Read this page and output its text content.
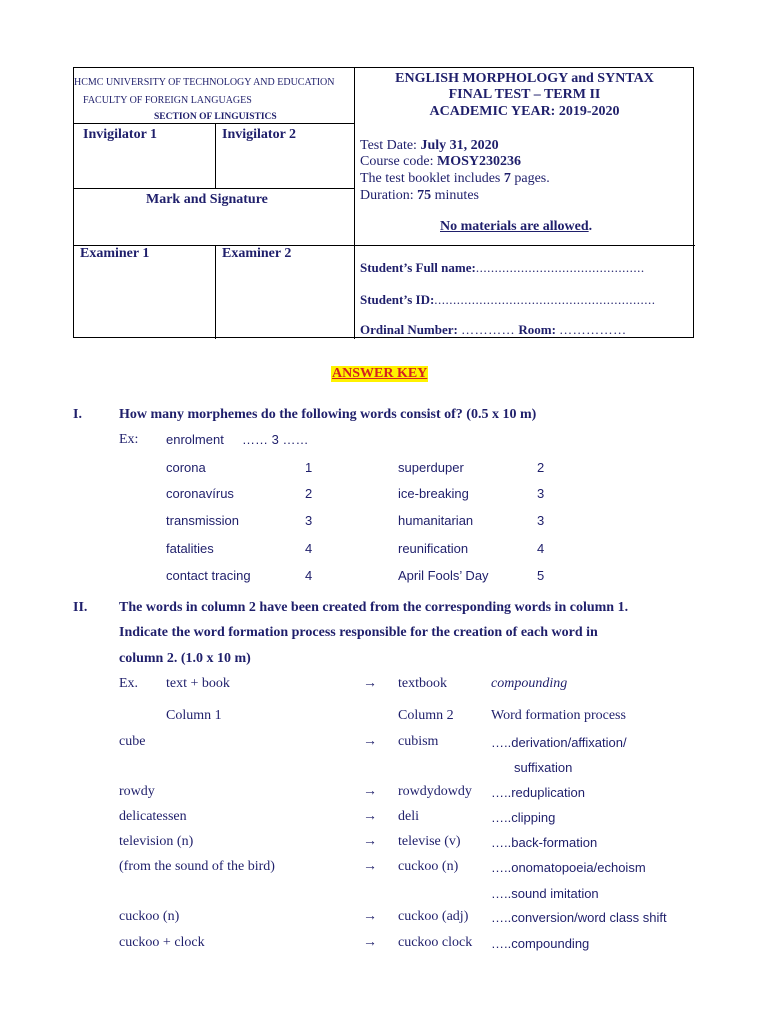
HCMC UNIVERSITY OF TECHNOLOGY AND EDUCATION
FACULTY OF FOREIGN LANGUAGES
SECTION OF LINGUISTICS
Invigilator 1	Invigilator 2
Mark and Signature
Examiner 1	Examiner 2
ENGLISH MORPHOLOGY and SYNTAX
FINAL TEST – TERM II
ACADEMIC YEAR: 2019-2020
Test Date: July 31, 2020
Course code: MOSY230236
The test booklet includes 7 pages.
Duration: 75 minutes
No materials are allowed.
Student’s Full name:.............................................
Student’s ID:...........................................................
Ordinal Number: ………… Room: ……………
ANSWER KEY
I.	How many morphemes do the following words consist of? (0.5 x 10 m)
Ex: enrolment …… 3 ……
corona	1
coronavírus	2
transmission	3
fatalities	4
contact tracing	4
superduper	2
ice-breaking	3
humanitarian	3
reunification	4
April Fools’ Day	5
II. The words in column 2 have been created from the corresponding words in column 1.
Indicate the word formation process responsible for the creation of each word in
column 2. (1.0 x 10 m)
Ex. text + book	→ textbook	compounding
Column 1	Column 2	Word formation process
cube	→ cubism	…..derivation/affixation/
suffixation
rowdy	→ rowdydowdy …..reduplication
delicatessen	→ deli	…..clipping
television (n)	→ televise (v) …..back-formation
(from the sound of the bird)	→ cuckoo (n)	…..onomatopoeia/echoism
…..sound imitation
cuckoo (n)	→ cuckoo (adj) …..conversion/word class shift
cuckoo + clock	→ cuckoo clock …..compounding
